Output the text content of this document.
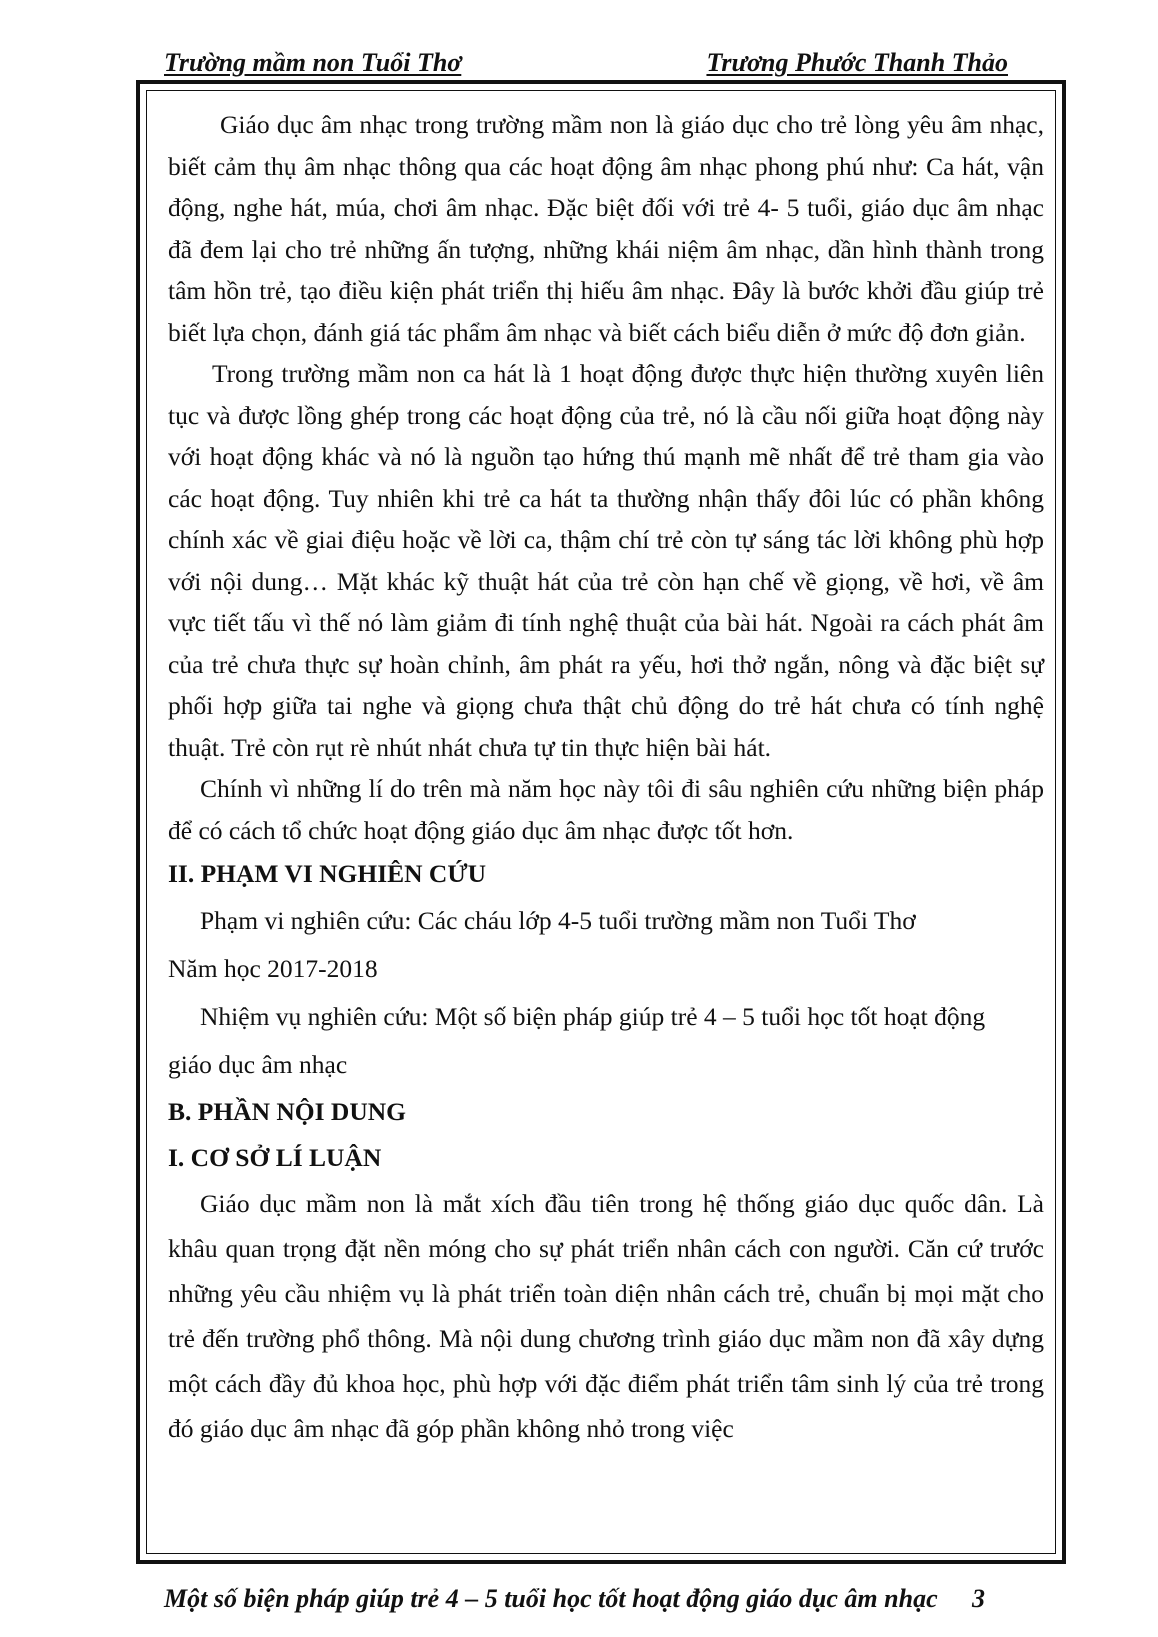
Trường mầm non Tuổi Thơ	Trương Phước Thanh Thảo

Giáo dục âm nhạc trong trường mầm non là giáo dục cho trẻ lòng yêu âm nhạc, biết cảm thụ âm nhạc thông qua các hoạt động âm nhạc phong phú như: Ca hát, vận động, nghe hát, múa, chơi âm nhạc. Đặc biệt đối với trẻ 4- 5 tuổi, giáo dục âm nhạc đã đem lại cho trẻ những ấn tượng, những khái niệm âm nhạc, dần hình thành trong tâm hồn trẻ, tạo điều kiện phát triển thị hiếu âm nhạc. Đây là bước khởi đầu giúp trẻ biết lựa chọn, đánh giá tác phẩm âm nhạc và biết cách biểu diễn ở mức độ đơn giản.

Trong trường mầm non ca hát là 1 hoạt động được thực hiện thường xuyên liên tục và được lồng ghép trong các hoạt động của trẻ, nó là cầu nối giữa hoạt động này với hoạt động khác và nó là nguồn tạo hứng thú mạnh mẽ nhất để trẻ tham gia vào các hoạt động. Tuy nhiên khi trẻ ca hát ta thường nhận thấy đôi lúc có phần không chính xác về giai điệu hoặc về lời ca, thậm chí trẻ còn tự sáng tác lời không phù hợp với nội dung… Mặt khác kỹ thuật hát của trẻ còn hạn chế về giọng, về hơi, về âm vực tiết tấu vì thế nó làm giảm đi tính nghệ thuật của bài hát. Ngoài ra cách phát âm của trẻ chưa thực sự hoàn chỉnh, âm phát ra yếu, hơi thở ngắn, nông và đặc biệt sự phối hợp giữa tai nghe và giọng chưa thật chủ động do trẻ hát chưa có tính nghệ thuật. Trẻ còn rụt rè nhút nhát chưa tự tin thực hiện bài hát.

Chính vì những lí do trên mà năm học này tôi đi sâu nghiên cứu những biện pháp để có cách tổ chức hoạt động giáo dục âm nhạc được tốt hơn.

II. PHẠM VI NGHIÊN CỨU

Phạm vi nghiên cứu: Các cháu lớp 4-5 tuổi trường mầm non Tuổi Thơ

Năm học 2017-2018

Nhiệm vụ nghiên cứu: Một số biện pháp giúp trẻ 4 – 5 tuổi học tốt hoạt động

giáo dục âm nhạc

B. PHẦN NỘI DUNG

I. CƠ SỞ LÍ LUẬN

Giáo dục mầm non là mắt xích đầu tiên trong hệ thống giáo dục quốc dân. Là khâu quan trọng đặt nền móng cho sự phát triển nhân cách con người. Căn cứ trước những yêu cầu nhiệm vụ là phát triển toàn diện nhân cách trẻ, chuẩn bị mọi mặt cho trẻ đến trường phổ thông. Mà nội dung chương trình giáo dục mầm non đã xây dựng một cách đầy đủ khoa học, phù hợp với đặc điểm phát triển tâm sinh lý của trẻ trong đó giáo dục âm nhạc đã góp phần không nhỏ trong việc

Một số biện pháp giúp trẻ 4 – 5 tuổi học tốt hoạt động giáo dục âm nhạc 3
